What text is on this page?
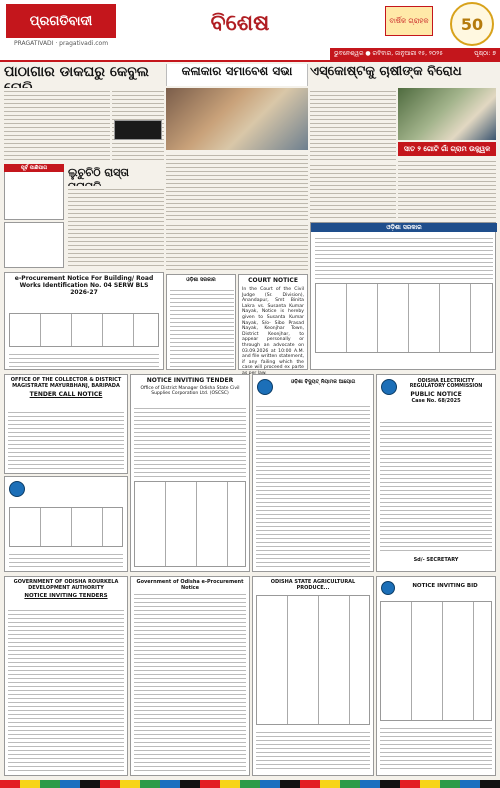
ପ୍ରଗତିବାଦୀ
PRAGATIVADI · pragativadi.com
ବିଶେଷ	ବାର୍ଷିକ ଗ୍ରାହକ	50
ଭୁବନେଶ୍ୱର ● ରବିବାର, ଜାନୁଆରୀ ୧୫, ୨୦୨୫	ପୃଷ୍ଠା: ୭
ପାଠାଗାର ଡାକଘରୁ କେବୁଲ	କଳାକାର ସମାବେଶ ସଭା	ଏସ୍କୋଷ୍ଟକୁ ଚାଷୀଙ୍କ ବିରୋଧ
ପୂର୍ବ ପାଣିପାଗ	ଲୁଚୁଚିଠି ରାସ୍ତା
e-Procurement Notice For Building/ Road Works Identification No. 04 SERW BLS 2026-27
ଓଡ଼ିଶା ସରକାର	COURT NOTICE
In the Court of the Civil Judge (Sr. Division), Anandapur, Smt Binita Lakra vs. Susanta Kumar Nayak, Notice is hereby given to Susanta Kumar Nayak, S/o- Sibo Prasad Nayak, Keonjhar Town, District Keonjhar, to appear personally or through an advocate on 03.09.2026 at 10:00 A.M. and file written statement, if any failing which the case will proceed ex parte
ସାତ ୨ ଗୋଟି ଗାଁ ଗ୍ରାମ ଉଜ୍ଜ୍ୱଳ
ଓଡ଼ିଶା ସରକାର
OFFICE OF THE COLLECTOR & DISTRICT MAGISTRATE MAYURBHANJ, BARIPADA
TENDER CALL NOTICE
NOTICE INVITING TENDER
Office of District Manager Odisha State Civil Supplies Corporation Ltd. (OSCSC)
ଓଡ଼ିଶା ବିଦ୍ୟୁତ୍ ନିୟାମକ ଆୟୋଗ	ODISHA ELECTRICITY REGULATORY COMMISSION
PUBLIC NOTICE
Case No. 68/2025
Sd/- SECRETARY
GOVERNMENT OF ODISHA ROURKELA DEVELOPMENT AUTHORITY
NOTICE INVITING TENDERS
Government of Odisha e-Procurement Notice
ODISHA STATE AGRICULTURAL PRODUCE...	NOTICE INVITING BID
